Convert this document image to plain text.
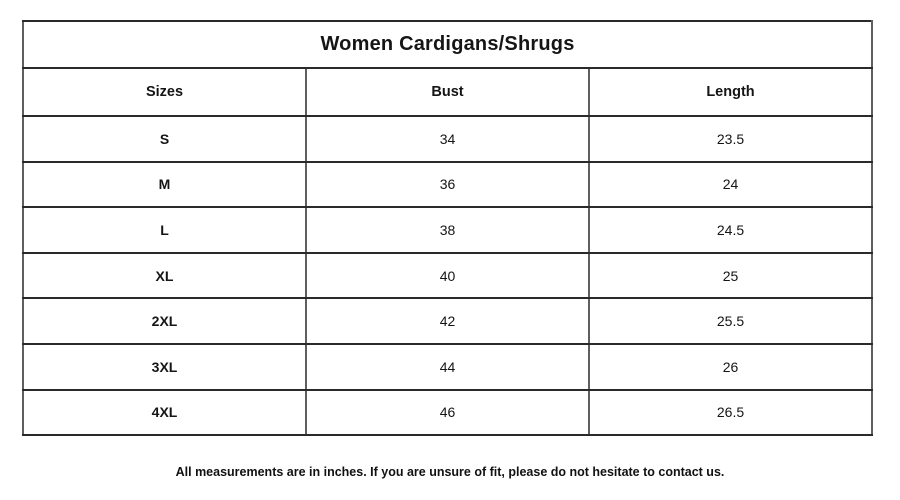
Women Cardigans/Shrugs		
Sizes	Bust	Length
S	34	23.5
M	36	24
L	38	24.5
XL	40	25
2XL	42	25.5
3XL	44	26
4XL	46	26.5

All measurements are in inches. If you are unsure of fit, please do not hesitate to contact us.
